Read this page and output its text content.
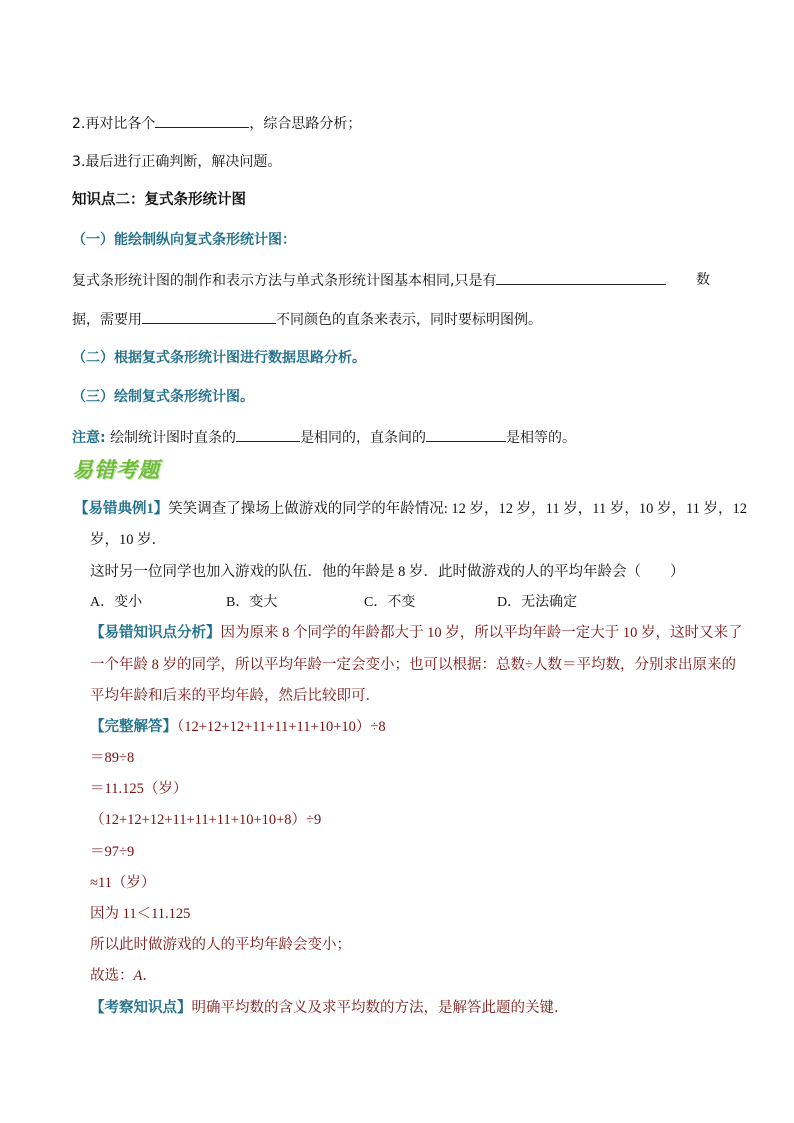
2.再对比各个	，综合思路分析；
3.最后进行正确判断，解决问题。
知识点二：复式条形统计图
（一）能绘制纵向复式条形统计图：
复式条形统计图的制作和表示方法与单式条形统计图基本相同,只是有	数
据，需要用	不同颜色的直条来表示，同时要标明图例。
（二）根据复式条形统计图进行数据思路分析。
（三）绘制复式条形统计图。
注意: 绘制统计图时直条的	是相同的，直条间的	是相等的。
易错考题
【易错典例1】笑笑调查了操场上做游戏的同学的年龄情况: 12 岁，12 岁，11 岁，11 岁，10 岁，11 岁，12
岁，10 岁．
这时另一位同学也加入游戏的队伍．他的年龄是 8 岁．此时做游戏的人的平均年龄会（　　）
A．变小	B．变大	C．不变	D．无法确定
【易错知识点分析】因为原来 8 个同学的年龄都大于 10 岁，所以平均年龄一定大于 10 岁，这时又来了
一个年龄 8 岁的同学，所以平均年龄一定会变小；也可以根据：总数÷人数＝平均数，分别求出原来的
平均年龄和后来的平均年龄，然后比较即可．
【完整解答】（12+12+12+11+11+11+10+10）÷8
＝89÷8
＝11.125（岁）
（12+12+12+11+11+11+10+10+8）÷9
＝97÷9
≈11（岁）
因为 11＜11.125
所以此时做游戏的人的平均年龄会变小；
故选：A．
【考察知识点】明确平均数的含义及求平均数的方法，是解答此题的关键．
